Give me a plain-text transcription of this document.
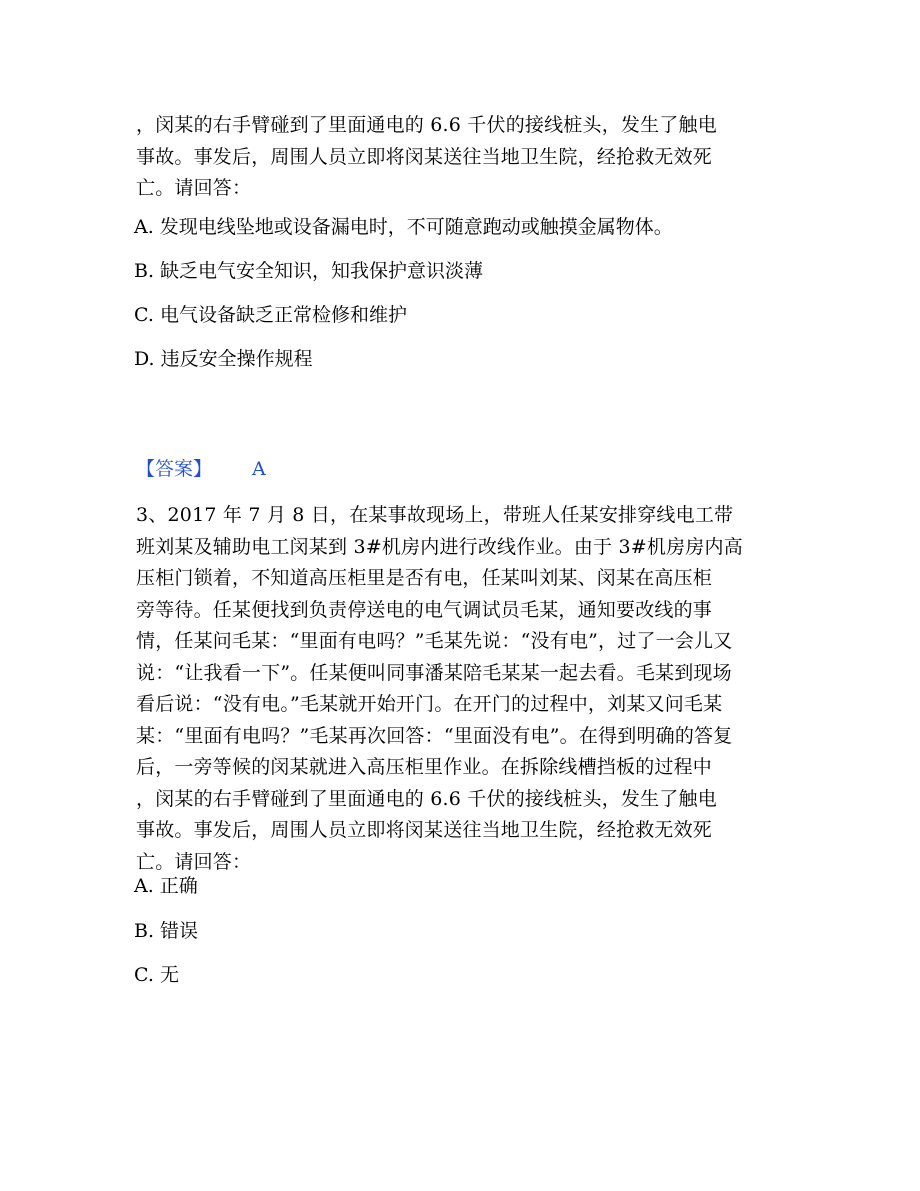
，闵某的右手臂碰到了里面通电的 6.6 千伏的接线桩头，发生了触电
事故。事发后，周围人员立即将闵某送往当地卫生院，经抢救无效死
亡。请回答：
A. 发现电线坠地或设备漏电时，不可随意跑动或触摸金属物体。
B. 缺乏电气安全知识，知我保护意识淡薄
C. 电气设备缺乏正常检修和维护
D. 违反安全操作规程
【答案】 A
3、2017 年 7 月 8 日，在某事故现场上，带班人任某安排穿线电工带
班刘某及辅助电工闵某到 3#机房内进行改线作业。由于 3#机房房内高
压柜门锁着，不知道高压柜里是否有电，任某叫刘某、闵某在高压柜
旁等待。任某便找到负责停送电的电气调试员毛某，通知要改线的事
情，任某问毛某：“里面有电吗？”毛某先说：“没有电”，过了一会儿又
说：“让我看一下”。任某便叫同事潘某陪毛某某一起去看。毛某到现场
看后说：“没有电。”毛某就开始开门。在开门的过程中，刘某又问毛某
某：“里面有电吗？”毛某再次回答：“里面没有电”。在得到明确的答复
后，一旁等候的闵某就进入高压柜里作业。在拆除线槽挡板的过程中
，闵某的右手臂碰到了里面通电的 6.6 千伏的接线桩头，发生了触电
事故。事发后，周围人员立即将闵某送往当地卫生院，经抢救无效死
亡。请回答：
A. 正确
B. 错误
C. 无
